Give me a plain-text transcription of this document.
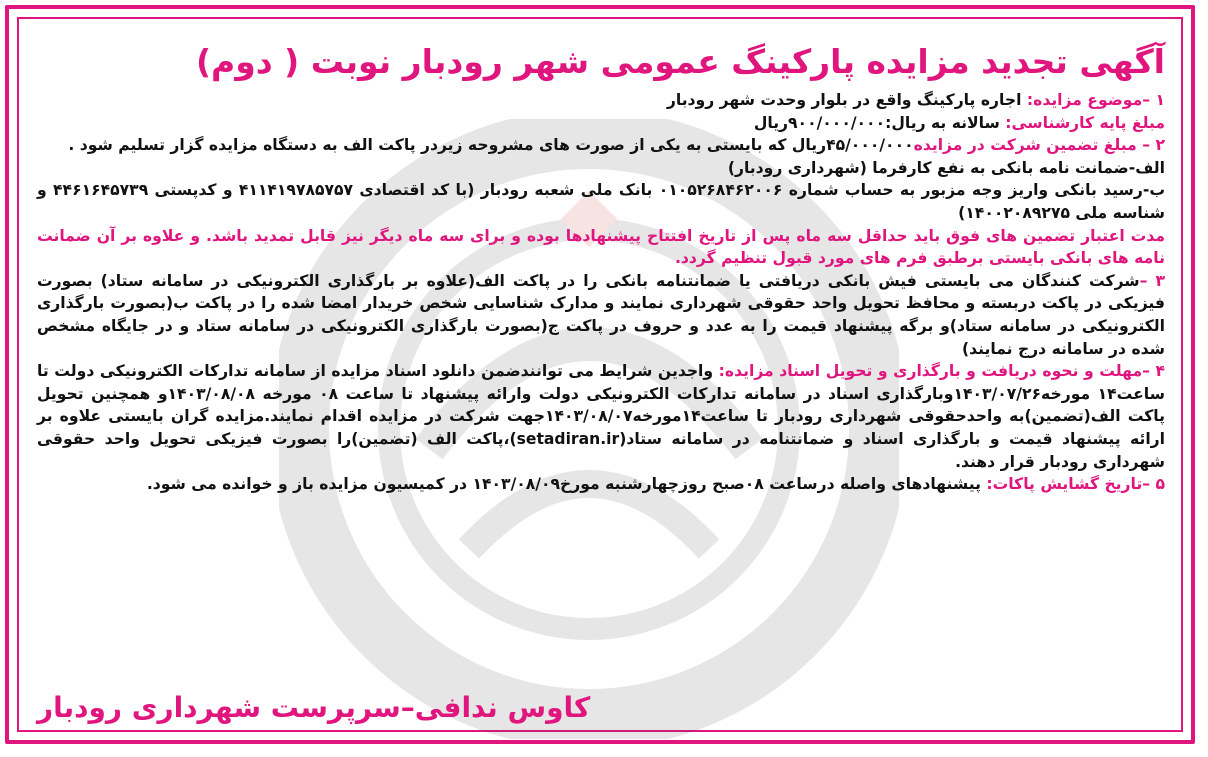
آگهی تجدید مزایده پارکینگ عمومی شهر رودبار نوبت ( دوم)

۱ –موضوع مزایده: اجاره پارکینگ واقع در بلوار وحدت شهر رودبار

مبلغ پایه کارشناسی: سالانه به ریال:۹۰۰/۰۰۰/۰۰۰ریال

۲ – مبلغ تضمین شرکت در مزایده۴۵/۰۰۰/۰۰۰ریال که بایستی به یکی از صورت های مشروحه زیردر پاکت الف به دستگاه مزایده گزار تسلیم شود .

الف-ضمانت نامه بانکی به نفع کارفرما (شهرداری رودبار)

ب-رسید بانکی واریز وجه مزبور به حساب شماره ۰۱۰۵۲۶۸۴۶۲۰۰۶ بانک ملی شعبه رودبار (با کد اقتصادی ۴۱۱۴۱۹۷۸۵۷۵۷ و کدپستی ۴۴۶۱۶۴۵۷۳۹ و شناسه ملی ۱۴۰۰۲۰۸۹۲۷۵)

مدت اعتبار تضمین های فوق باید حداقل سه ماه پس از تاریخ افتتاح پیشنهادها بوده و برای سه ماه دیگر نیز قابل تمدید باشد. و علاوه بر آن ضمانت نامه های بانکی بایستی برطبق فرم های مورد قبول تنظیم گردد.

۳ –شرکت کنندگان می بایستی فیش بانکی دریافتی یا ضمانتنامه بانکی را در پاکت الف(علاوه بر بارگذاری الکترونیکی در سامانه ستاد) بصورت فیزیکی در پاکت دربسته و محافظ تحویل واحد حقوقی شهرداری نمایند و مدارک شناسایی شخص خریدار امضا شده را در پاکت ب(بصورت بارگذاری الکترونیکی در سامانه ستاد)و برگه پیشنهاد قیمت را به عدد و حروف در پاکت ج(بصورت بارگذاری الکترونیکی در سامانه ستاد و در جایگاه مشخص شده در سامانه درج نمایند)

۴ –مهلت و نحوه دریافت و بارگذاری و تحویل اسناد مزایده: واجدین شرایط می توانندضمن دانلود اسناد مزایده از سامانه تدارکات الکترونیکی دولت تا ساعت۱۴ مورخه۱۴۰۳/۰۷/۲۶وبارگذاری اسناد در سامانه تدارکات الکترونیکی دولت وارائه پیشنهاد تا ساعت ۰۸ مورخه ۱۴۰۳/۰۸/۰۸و همچنین تحویل پاکت الف(تضمین)به واحدحقوقی شهرداری رودبار تا ساعت۱۴مورخه۱۴۰۳/۰۸/۰۷جهت شرکت در مزایده اقدام نمایند.مزایده گران بایستی علاوه بر ارائه پیشنهاد قیمت و بارگذاری اسناد و ضمانتنامه در سامانه ستاد(setadiran.ir)،پاکت الف (تضمین)را بصورت فیزیکی تحویل واحد حقوقی شهرداری رودبار قرار دهند.

۵ –تاریخ گشایش پاکات: پیشنهادهای واصله درساعت ۰۸صبح روزچهارشنبه مورخ۱۴۰۳/۰۸/۰۹ در کمیسیون مزایده باز و خوانده می شود.

کاوس ندافی–سرپرست شهرداری رودبار
